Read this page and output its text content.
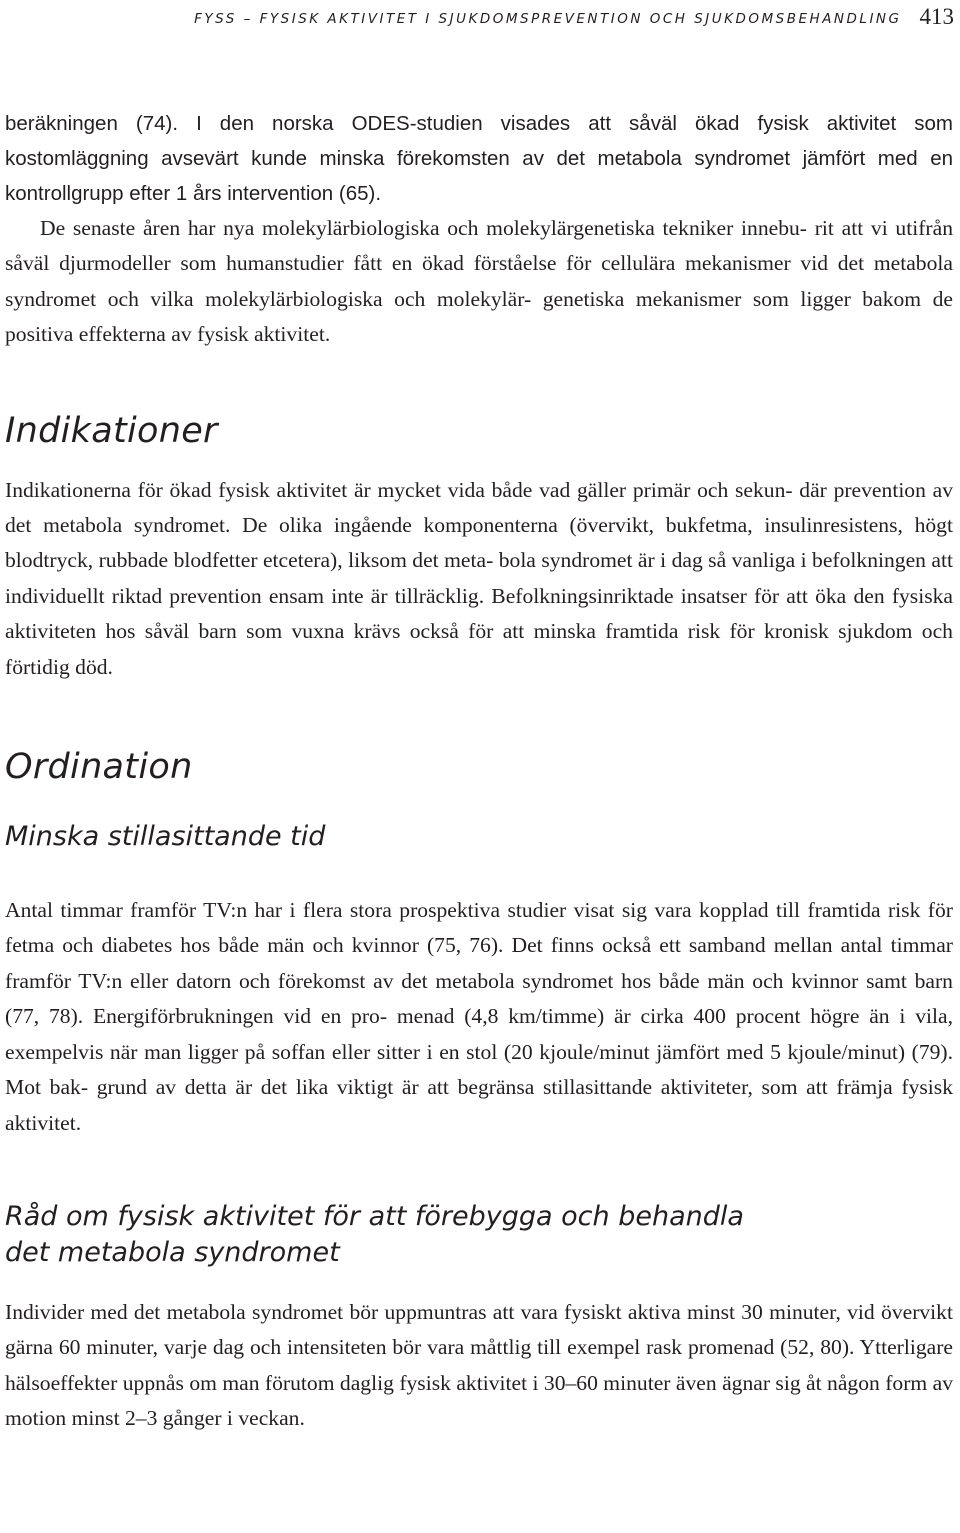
FYSS – FYSISK AKTIVITET I SJUKDOMSPREVENTION OCH SJUKDOMSBEHANDLING 413

beräkningen (74). I den norska ODES-studien visades att såväl ökad fysisk aktivitet som kostomläggning avsevärt kunde minska förekomsten av det metabola syndromet jämfört med en kontrollgrupp efter 1 års intervention (65).

De senaste åren har nya molekylärbiologiska och molekylärgenetiska tekniker innebu- rit att vi utifrån såväl djurmodeller som humanstudier fått en ökad förståelse för cellulära mekanismer vid det metabola syndromet och vilka molekylärbiologiska och molekylär- genetiska mekanismer som ligger bakom de positiva effekterna av fysisk aktivitet.

Indikationer

Indikationerna för ökad fysisk aktivitet är mycket vida både vad gäller primär och sekun- där prevention av det metabola syndromet. De olika ingående komponenterna (övervikt, bukfetma, insulinresistens, högt blodtryck, rubbade blodfetter etcetera), liksom det meta- bola syndromet är i dag så vanliga i befolkningen att individuellt riktad prevention ensam inte är tillräcklig. Befolkningsinriktade insatser för att öka den fysiska aktiviteten hos såväl barn som vuxna krävs också för att minska framtida risk för kronisk sjukdom och förtidig död.

Ordination
Minska stillasittande tid

Antal timmar framför TV:n har i flera stora prospektiva studier visat sig vara kopplad till framtida risk för fetma och diabetes hos både män och kvinnor (75, 76). Det finns också ett samband mellan antal timmar framför TV:n eller datorn och förekomst av det metabola syndromet hos både män och kvinnor samt barn (77, 78). Energiförbrukningen vid en pro- menad (4,8 km/timme) är cirka 400 procent högre än i vila, exempelvis när man ligger på soffan eller sitter i en stol (20 kjoule/minut jämfört med 5 kjoule/minut) (79). Mot bak- grund av detta är det lika viktigt är att begränsa stillasittande aktiviteter, som att främja fysisk aktivitet.

Råd om fysisk aktivitet för att förebygga och behandla
det metabola syndromet

Individer med det metabola syndromet bör uppmuntras att vara fysiskt aktiva minst 30 minuter, vid övervikt gärna 60 minuter, varje dag och intensiteten bör vara måttlig till exempel rask promenad (52, 80). Ytterligare hälsoeffekter uppnås om man förutom daglig fysisk aktivitet i 30–60 minuter även ägnar sig åt någon form av motion minst 2–3 gånger i veckan.
